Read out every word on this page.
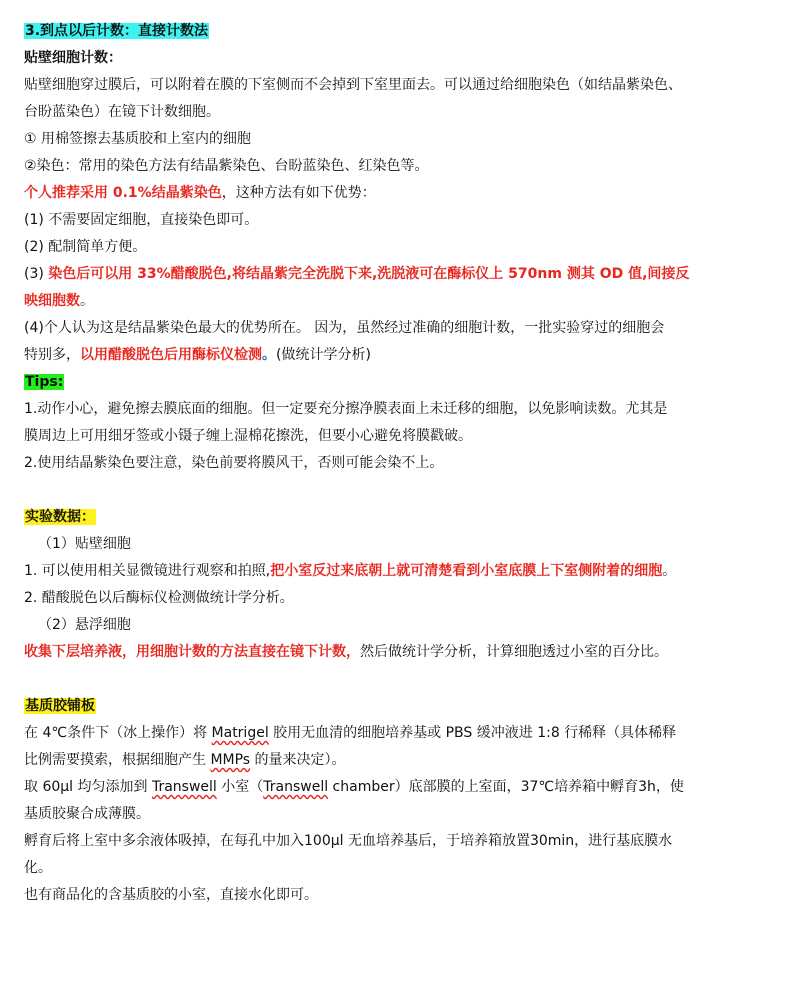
3.到点以后计数：直接计数法
贴壁细胞计数：
贴壁细胞穿过膜后，可以附着在膜的下室侧而不会掉到下室里面去。可以通过给细胞染色（如结晶紫染色、
台盼蓝染色）在镜下计数细胞。
① 用棉签擦去基质胶和上室内的细胞
②染色：常用的染色方法有结晶紫染色、台盼蓝染色、红染色等。
个人推荐采用 0.1%结晶紫染色，这种方法有如下优势：
(1) 不需要固定细胞，直接染色即可。
(2) 配制简单方便。
(3) 染色后可以用 33%醋酸脱色,将结晶紫完全洗脱下来,洗脱液可在酶标仪上 570nm 测其 OD 值,间接反
映细胞数。
(4)个人认为这是结晶紫染色最大的优势所在。 因为，虽然经过准确的细胞计数，一批实验穿过的细胞会
特别多，以用醋酸脱色后用酶标仪检测。(做统计学分析)
Tips:
1.动作小心，避免擦去膜底面的细胞。但一定要充分擦净膜表面上未迁移的细胞，以免影响读数。尤其是
膜周边上可用细牙签或小镊子缠上湿棉花擦洗，但要小心避免将膜戳破。
2.使用结晶紫染色要注意，染色前要将膜风干，否则可能会染不上。
实验数据：
（1）贴壁细胞
1. 可以使用相关显微镜进行观察和拍照,把小室反过来底朝上就可清楚看到小室底膜上下室侧附着的细胞。
2. 醋酸脱色以后酶标仪检测做统计学分析。
（2）悬浮细胞
收集下层培养液，用细胞计数的方法直接在镜下计数，然后做统计学分析，计算细胞透过小室的百分比。
基质胶铺板
在 4℃条件下（冰上操作）将 Matrigel 胶用无血清的细胞培养基或 PBS 缓冲液进 1:8 行稀释（具体稀释
比例需要摸索，根据细胞产生 MMPs 的量来决定）。
取 60µl 均匀添加到 Transwell 小室（Transwell chamber）底部膜的上室面，37℃培养箱中孵育3h，使
基质胶聚合成薄膜。
孵育后将上室中多余液体吸掉，在每孔中加入100µl 无血培养基后，于培养箱放置30min，进行基底膜水
化。
也有商品化的含基质胶的小室，直接水化即可。
